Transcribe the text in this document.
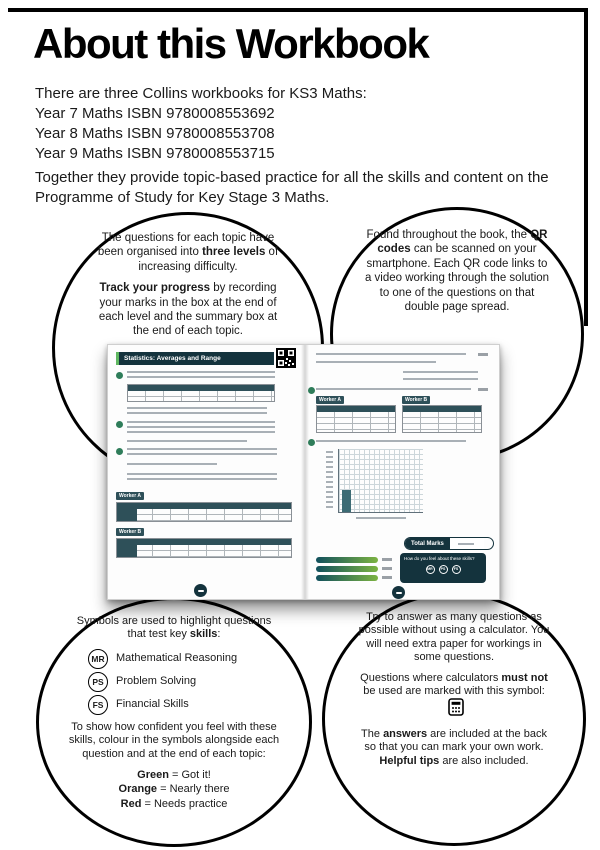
About this Workbook
There are three Collins workbooks for KS3 Maths:
Year 7 Maths ISBN 9780008553692
Year 8 Maths ISBN 9780008553708
Year 9 Maths ISBN 9780008553715

Together they provide topic-based practice for all the skills and content on the Programme of Study for Key Stage 3 Maths.

The questions for each topic have been organised into three levels of increasing difficulty.

Track your progress by recording your marks in the box at the end of each level and the summary box at the end of each topic.

Found throughout the book, the QR codes can be scanned on your smartphone. Each QR code links to a video working through the solution to one of the questions on that double page spread.

Symbols are used to highlight questions that test key skills:

MR	Mathematical Reasoning
PS	Problem Solving
FS	Financial Skills

To show how confident you feel with these skills, colour in the symbols alongside each question and at the end of each topic:

Green = Got it!
Orange = Nearly there
Red = Needs practice

Try to answer as many questions as possible without using a calculator. You will need extra paper for workings in some questions.

Questions where calculators must not be used are marked with this symbol:

The answers are included at the back so that you can mark your own work. Helpful tips are also included.

Statistics: Averages and Range
Worker A
Worker B
Worker A	Worker B
Total Marks
How do you feel about these skills?
MR	PS	FS
